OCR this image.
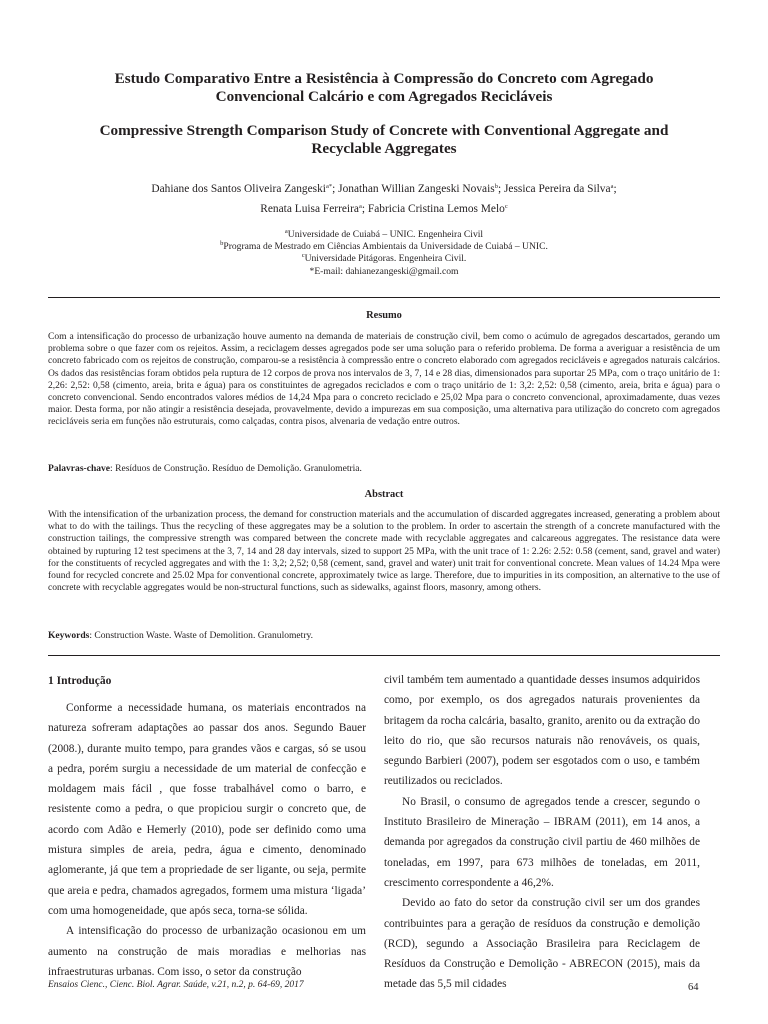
Estudo Comparativo Entre a Resistência à Compressão do Concreto com Agregado
Convencional Calcário e com Agregados Recicláveis
Compressive Strength Comparison Study of Concrete with Conventional Aggregate and
Recyclable Aggregates
Dahiane dos Santos Oliveira Zangeski$^{a*}$; Jonathan Willian Zangeski Novais$^b$; Jessica Pereira da Silva$^a$;
Renata Luisa Ferreira$^a$; Fabricia Cristina Lemos Melo$^c$
$^a$Universidade de Cuiabá – UNIC. Engenheira Civil
$^b$Programa de Mestrado em Ciências Ambientais da Universidade de Cuiabá – UNIC.
$^c$Universidade Pitágoras. Engenheira Civil.
*E-mail: dahianezangeski@gmail.com
Resumo
Com a intensificação do processo de urbanização houve aumento na demanda de materiais de construção civil, bem como o acúmulo de agregados descartados, gerando um problema sobre o que fazer com os rejeitos. Assim, a reciclagem desses agregados pode ser uma solução para o referido problema. De forma a averiguar a resistência de um concreto fabricado com os rejeitos de construção, comparou-se a resistência à compressão entre o concreto elaborado com agregados recicláveis e agregados naturais calcários. Os dados das resistências foram obtidos pela ruptura de 12 corpos de prova nos intervalos de 3, 7, 14 e 28 dias, dimensionados para suportar 25 MPa, com o traço unitário de 1: 2,26: 2,52: 0,58 (cimento, areia, brita e água) para os constituintes de agregados reciclados e com o traço unitário de 1: 3,2: 2,52: 0,58 (cimento, areia, brita e água) para o concreto convencional. Sendo encontrados valores médios de 14,24 Mpa para o concreto reciclado e 25,02 Mpa para o concreto convencional, aproximadamente, duas vezes maior. Desta forma, por não atingir a resistência desejada, provavelmente, devido a impurezas em sua composição, uma alternativa para utilização do concreto com agregados recicláveis seria em funções não estruturais, como calçadas, contra pisos, alvenaria de vedação entre outros.
Palavras-chave: Resíduos de Construção. Resíduo de Demolição. Granulometria.
Abstract
With the intensification of the urbanization process, the demand for construction materials and the accumulation of discarded aggregates increased, generating a problem about what to do with the tailings. Thus the recycling of these aggregates may be a solution to the problem. In order to ascertain the strength of a concrete manufactured with the construction tailings, the compressive strength was compared between the concrete made with recyclable aggregates and calcareous aggregates. The resistance data were obtained by rupturing 12 test specimens at the 3, 7, 14 and 28 day intervals, sized to support 25 MPa, with the unit trace of 1: 2.26: 2.52: 0.58 (cement, sand, gravel and water) for the constituents of recycled aggregates and with the 1: 3,2; 2,52; 0,58 (cement, sand, gravel and water) unit trait for conventional concrete. Mean values of 14.24 Mpa were found for recycled concrete and 25.02 Mpa for conventional concrete, approximately twice as large. Therefore, due to impurities in its composition, an alternative to the use of concrete with recyclable aggregates would be non-structural functions, such as sidewalks, against floors, masonry, among others.
Keywords: Construction Waste. Waste of Demolition. Granulometry.
1 Introdução

Conforme a necessidade humana, os materiais encontrados na natureza sofreram adaptações ao passar dos anos. Segundo Bauer (2008.), durante muito tempo, para grandes vãos e cargas, só se usou a pedra, porém surgiu a necessidade de um material de confecção e moldagem mais fácil , que fosse trabalhável como o barro, e resistente como a pedra, o que propiciou surgir o concreto que, de acordo com Adão e Hemerly (2010), pode ser definido como uma mistura simples de areia, pedra, água e cimento, denominado aglomerante, já que tem a propriedade de ser ligante, ou seja, permite que areia e pedra, chamados agregados, formem uma mistura ‘ligada’ com uma homogeneidade, que após seca, torna-se sólida.

A intensificação do processo de urbanização ocasionou em um aumento na construção de mais moradias e melhorias nas infraestruturas urbanas. Com isso, o setor da construção

civil também tem aumentado a quantidade desses insumos adquiridos como, por exemplo, os dos agregados naturais provenientes da britagem da rocha calcária, basalto, granito, arenito ou da extração do leito do rio, que são recursos naturais não renováveis, os quais, segundo Barbieri (2007), podem ser esgotados com o uso, e também reutilizados ou reciclados.

No Brasil, o consumo de agregados tende a crescer, segundo o Instituto Brasileiro de Mineração – IBRAM (2011), em 14 anos, a demanda por agregados da construção civil partiu de 460 milhões de toneladas, em 1997, para 673 milhões de toneladas, em 2011, crescimento correspondente a 46,2%.

Devido ao fato do setor da construção civil ser um dos grandes contribuintes para a geração de resíduos da construção e demolição (RCD), segundo a Associação Brasileira para Reciclagem de Resíduos da Construção e Demolição - ABRECON (2015), mais da metade das 5,5 mil cidades

Ensaios Cienc., Cienc. Biol. Agrar. Saúde, v.21, n.2, p. 64-69, 2017	64
